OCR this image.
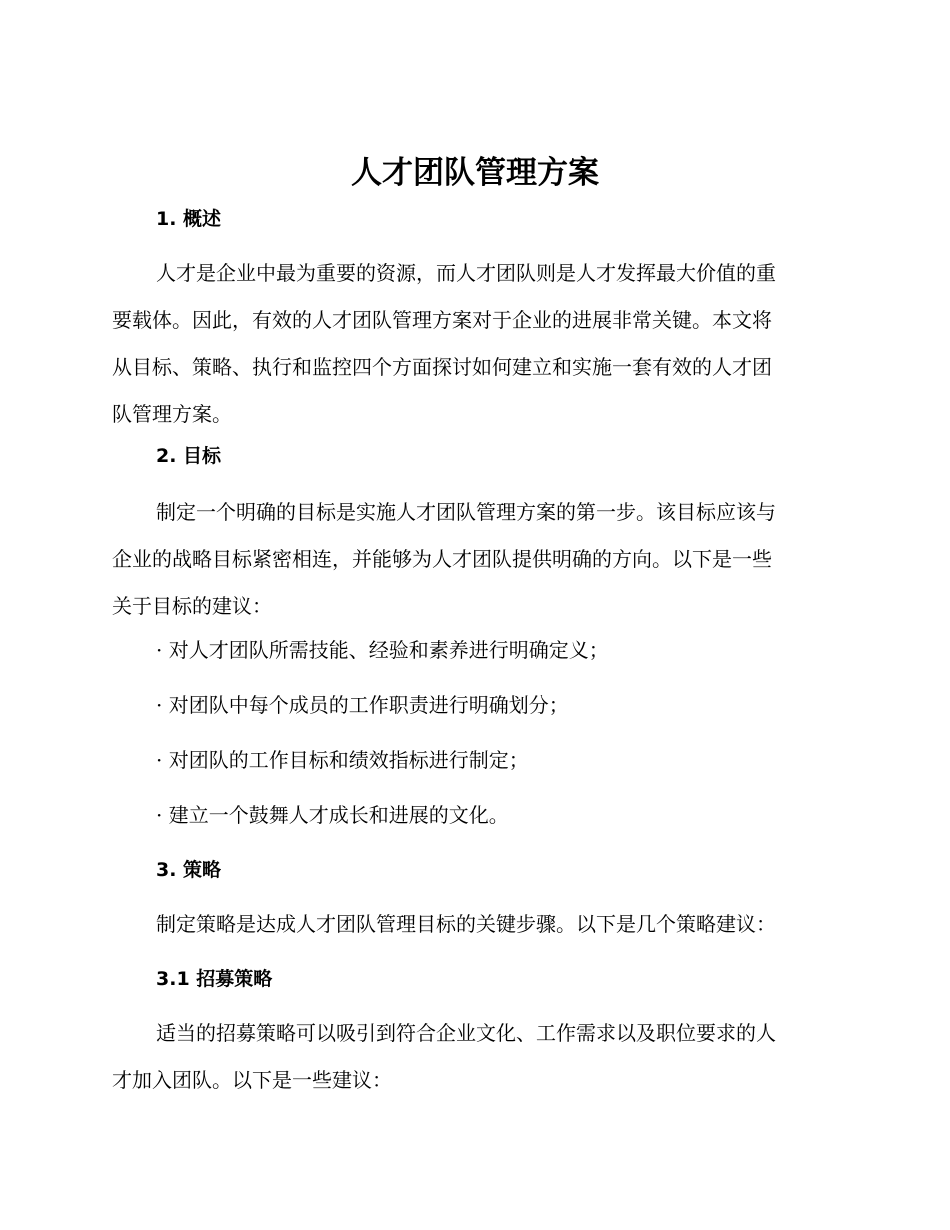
人才团队管理方案
1. 概述

人才是企业中最为重要的资源，而人才团队则是人才发挥最大价值的重
要载体。因此，有效的人才团队管理方案对于企业的进展非常关键。本文将
从目标、策略、执行和监控四个方面探讨如何建立和实施一套有效的人才团
队管理方案。

2. 目标

制定一个明确的目标是实施人才团队管理方案的第一步。该目标应该与
企业的战略目标紧密相连，并能够为人才团队提供明确的方向。以下是一些
关于目标的建议：

· 对人才团队所需技能、经验和素养进行明确定义；

· 对团队中每个成员的工作职责进行明确划分；

· 对团队的工作目标和绩效指标进行制定；

· 建立一个鼓舞人才成长和进展的文化。

3. 策略

制定策略是达成人才团队管理目标的关键步骤。以下是几个策略建议：

3.1 招募策略

适当的招募策略可以吸引到符合企业文化、工作需求以及职位要求的人
才加入团队。以下是一些建议：
